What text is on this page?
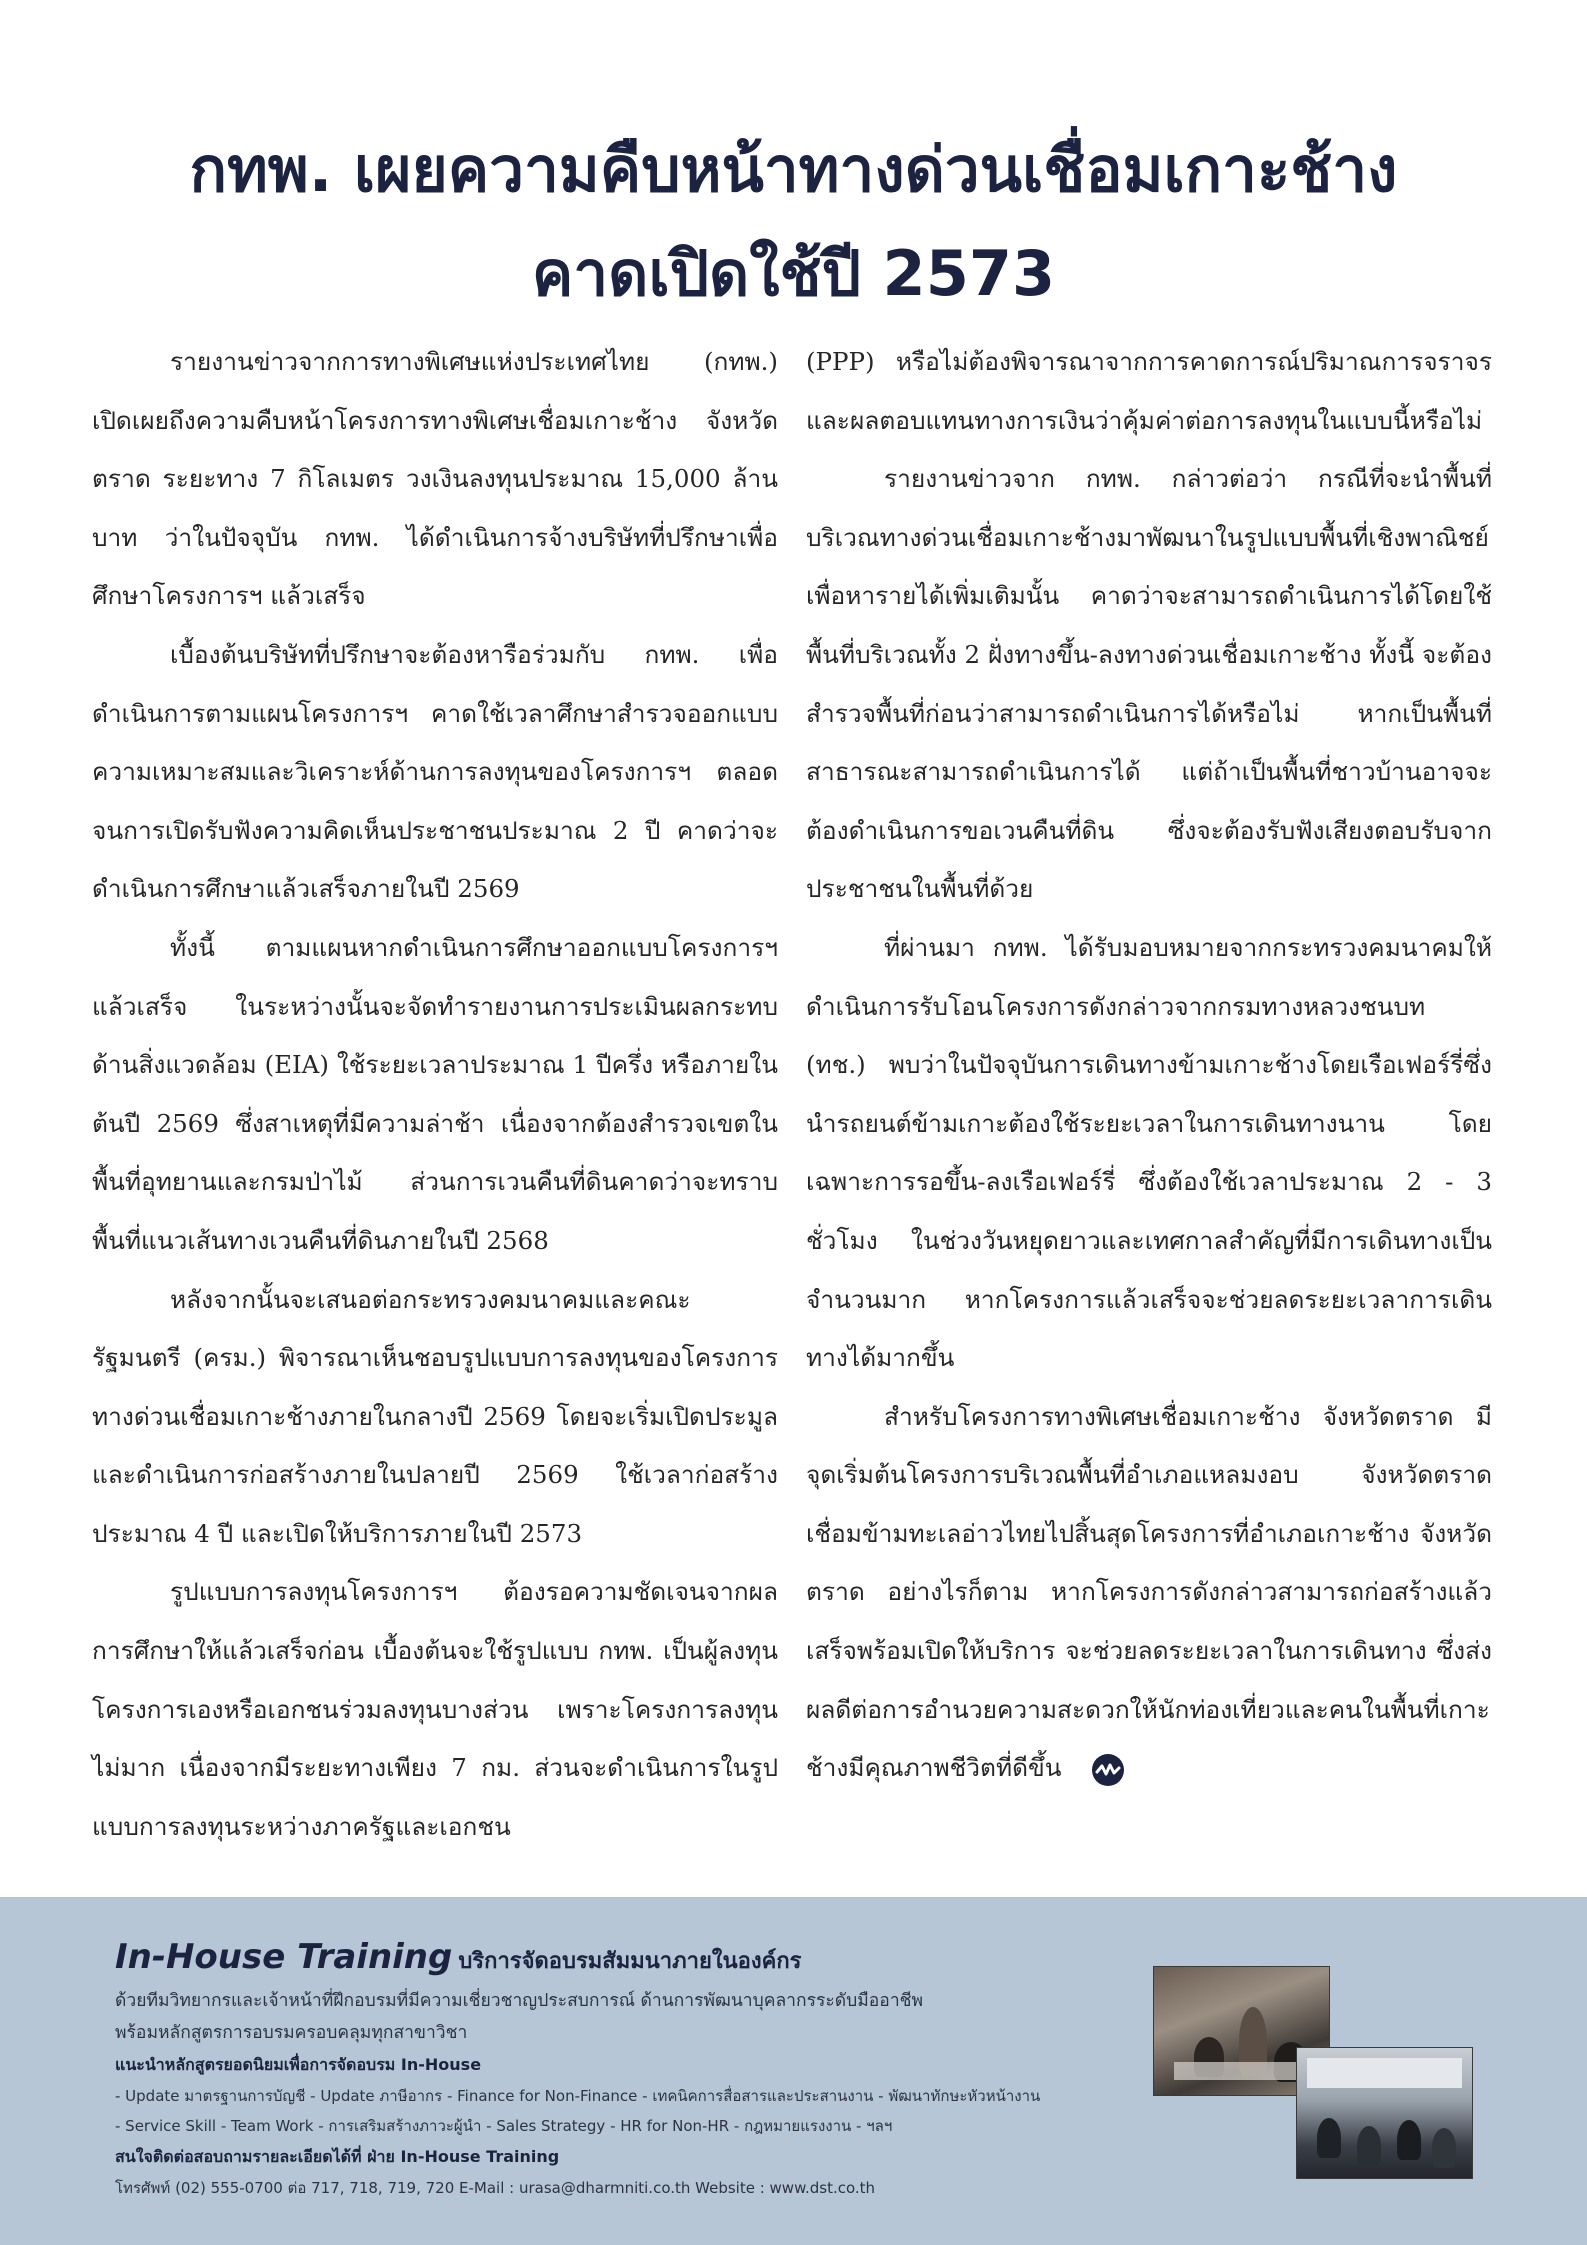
กทพ. เผยความคืบหน้าทางด่วนเชื่อมเกาะช้าง
คาดเปิดใช้ปี 2573

รายงานข่าวจากการทางพิเศษแห่งประเทศไทย (กทพ.) เปิดเผยถึงความคืบหน้าโครงการทางพิเศษเชื่อมเกาะช้าง จังหวัดตราด ระยะทาง 7 กิโลเมตร วงเงินลงทุนประมาณ 15,000 ล้านบาท ว่าในปัจจุบัน กทพ. ได้ดำเนินการจ้างบริษัทที่ปรึกษาเพื่อศึกษาโครงการฯ แล้วเสร็จ

เบื้องต้นบริษัทที่ปรึกษาจะต้องหารือร่วมกับ กทพ. เพื่อดำเนินการตามแผนโครงการฯ คาดใช้เวลาศึกษาสำรวจออกแบบความเหมาะสมและวิเคราะห์ด้านการลงทุนของโครงการฯ ตลอดจนการเปิดรับฟังความคิดเห็นประชาชนประมาณ 2 ปี คาดว่าจะดำเนินการศึกษาแล้วเสร็จภายในปี 2569

ทั้งนี้ ตามแผนหากดำเนินการศึกษาออกแบบโครงการฯ แล้วเสร็จ ในระหว่างนั้นจะจัดทำรายงานการประเมินผลกระทบด้านสิ่งแวดล้อม (EIA) ใช้ระยะเวลาประมาณ 1 ปีครึ่ง หรือภายในต้นปี 2569 ซึ่งสาเหตุที่มีความล่าช้า เนื่องจากต้องสำรวจเขตในพื้นที่อุทยานและกรมป่าไม้ ส่วนการเวนคืนที่ดินคาดว่าจะทราบพื้นที่แนวเส้นทางเวนคืนที่ดินภายในปี 2568

หลังจากนั้นจะเสนอต่อกระทรวงคมนาคมและคณะรัฐมนตรี (ครม.) พิจารณาเห็นชอบรูปแบบการลงทุนของโครงการทางด่วนเชื่อมเกาะช้างภายในกลางปี 2569 โดยจะเริ่มเปิดประมูลและดำเนินการก่อสร้างภายในปลายปี 2569 ใช้เวลาก่อสร้างประมาณ 4 ปี และเปิดให้บริการภายในปี 2573

รูปแบบการลงทุนโครงการฯ ต้องรอความชัดเจนจากผลการศึกษาให้แล้วเสร็จก่อน เบื้องต้นจะใช้รูปแบบ กทพ. เป็นผู้ลงทุนโครงการเองหรือเอกชนร่วมลงทุนบางส่วน เพราะโครงการลงทุนไม่มาก เนื่องจากมีระยะทางเพียง 7 กม. ส่วนจะดำเนินการในรูปแบบการลงทุนระหว่างภาครัฐและเอกชน

(PPP) หรือไม่ต้องพิจารณาจากการคาดการณ์ปริมาณการจราจรและผลตอบแทนทางการเงินว่าคุ้มค่าต่อการลงทุนในแบบนี้หรือไม่

รายงานข่าวจาก กทพ. กล่าวต่อว่า กรณีที่จะนำพื้นที่บริเวณทางด่วนเชื่อมเกาะช้างมาพัฒนาในรูปแบบพื้นที่เชิงพาณิชย์เพื่อหารายได้เพิ่มเติมนั้น คาดว่าจะสามารถดำเนินการได้โดยใช้พื้นที่บริเวณทั้ง 2 ฝั่งทางขึ้น-ลงทางด่วนเชื่อมเกาะช้าง ทั้งนี้ จะต้องสำรวจพื้นที่ก่อนว่าสามารถดำเนินการได้หรือไม่ หากเป็นพื้นที่สาธารณะสามารถดำเนินการได้ แต่ถ้าเป็นพื้นที่ชาวบ้านอาจจะต้องดำเนินการขอเวนคืนที่ดิน ซึ่งจะต้องรับฟังเสียงตอบรับจากประชาชนในพื้นที่ด้วย

ที่ผ่านมา กทพ. ได้รับมอบหมายจากกระทรวงคมนาคมให้ดำเนินการรับโอนโครงการดังกล่าวจากกรมทางหลวงชนบท (ทช.) พบว่าในปัจจุบันการเดินทางข้ามเกาะช้างโดยเรือเฟอร์รี่ซึ่งนำรถยนต์ข้ามเกาะต้องใช้ระยะเวลาในการเดินทางนาน โดยเฉพาะการรอขึ้น-ลงเรือเฟอร์รี่ ซึ่งต้องใช้เวลาประมาณ 2 - 3 ชั่วโมง ในช่วงวันหยุดยาวและเทศกาลสำคัญที่มีการเดินทางเป็นจำนวนมาก หากโครงการแล้วเสร็จจะช่วยลดระยะเวลาการเดินทางได้มากขึ้น

สำหรับโครงการทางพิเศษเชื่อมเกาะช้าง จังหวัดตราด มีจุดเริ่มต้นโครงการบริเวณพื้นที่อำเภอแหลมงอบ จังหวัดตราด เชื่อมข้ามทะเลอ่าวไทยไปสิ้นสุดโครงการที่อำเภอเกาะช้าง จังหวัดตราด อย่างไรก็ตาม หากโครงการดังกล่าวสามารถก่อสร้างแล้วเสร็จพร้อมเปิดให้บริการ จะช่วยลดระยะเวลาในการเดินทาง ซึ่งส่งผลดีต่อการอำนวยความสะดวกให้นักท่องเที่ยวและคนในพื้นที่เกาะช้างมีคุณภาพชีวิตที่ดีขึ้น

In-House Training บริการจัดอบรมสัมมนาภายในองค์กร
ด้วยทีมวิทยากรและเจ้าหน้าที่ฝึกอบรมที่มีความเชี่ยวชาญประสบการณ์ ด้านการพัฒนาบุคลากรระดับมืออาชีพ
พร้อมหลักสูตรการอบรมครอบคลุมทุกสาขาวิชา
แนะนำหลักสูตรยอดนิยมเพื่อการจัดอบรม In-House
- Update มาตรฐานการบัญชี - Update ภาษีอากร - Finance for Non-Finance - เทคนิคการสื่อสารและประสานงาน - พัฒนาทักษะหัวหน้างาน
- Service Skill - Team Work - การเสริมสร้างภาวะผู้นำ - Sales Strategy - HR for Non-HR - กฎหมายแรงงาน - ฯลฯ
สนใจติดต่อสอบถามรายละเอียดได้ที่ ฝ่าย In-House Training
โทรศัพท์ (02) 555-0700 ต่อ 717, 718, 719, 720 E-Mail : urasa@dharmniti.co.th Website : www.dst.co.th
